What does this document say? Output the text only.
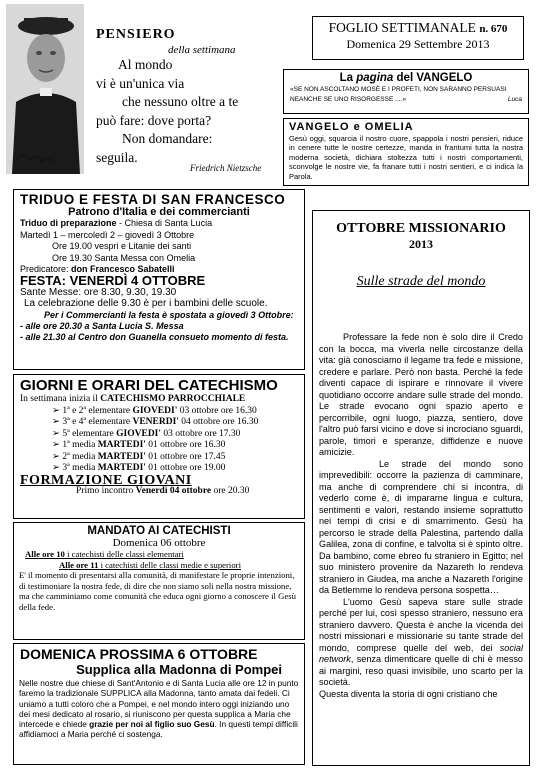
PENSIERO
della settimana
Al mondo
vi è un'unica via
che nessuno oltre a te
può fare: dove porta?
Non domandare:
seguila.
Friedrich Nietzsche
FOGLIO SETTIMANALE n. 670
Domenica 29 Settembre 2013
La pagina del VANGELO
«SE NON ASCOLTANO MOSÈ E I PROFETI, NON SARANNO PERSUASI NEANCHE SE UNO RISORGESSE ....»	Luca
VANGELO e OMELIA
Gesù oggi, squarcia il nostro cuore, spappola i nostri pensieri, riduce in cenere tutte le nostre certezze, manda in frantumi tutta la nostra moderna società, dichiara stoltezza tutti i nostri comportamenti, sconvolge le nostre vie, fa franare tutti i nostri sentieri, e ci indica la Parola.
TRIDUO E FESTA DI SAN FRANCESCO
Patrono d'Italia e dei commercianti
Triduo di preparazione - Chiesa di Santa Lucia
Martedì 1 – mercoledì 2 – giovedì 3 Ottobre
Ore 19.00 vespri e Litanie dei santi
Ore 19.30 Santa Messa con Omelia
Predicatore: don Francesco Sabatelli
FESTA: VENERDÌ 4 OTTOBRE
Sante Messe: ore 8.30, 9.30, 19.30
La celebrazione delle 9.30 è per i bambini delle scuole.
Per i Commercianti la festa è spostata a giovedì 3 Ottobre:
- alle ore 20.30 a Santa Lucia S. Messa
- alle 21.30 al Centro don Guanella consueto momento di festa.
GIORNI E ORARI DEL CATECHISMO
In settimana inizia il CATECHISMO PARROCCHIALE
➢ 1ª e 2ª elementare GIOVEDI' 03 ottobre ore 16.30
➢ 3ª e 4ª elementare VENERDI' 04 ottobre ore 16.30
➢ 5ª elementare GIOVEDI' 03 ottobre ore 17.30
➢ 1ª media MARTEDI' 01 ottobre ore 16.30
➢ 2ª media MARTEDI' 01 ottobre ore 17.45
➢ 3ª media MARTEDI' 01 ottobre ore 19.00
FORMAZIONE GIOVANI
Primo incontro Venerdì 04 ottobre ore 20.30
MANDATO AI CATECHISTI
Domenica 06 ottobre
Alle ore 10 i catechisti delle classi elementari
Alle ore 11 i catechisti delle classi medie e superiori
E' il momento di presentarsi alla comunità, di manifestare le proprie intenzioni, di testimoniare la nostra fede, di dire che non siamo soli nella nostra missione, ma che camminiamo come comunità che educa ogni giorno a conoscere il Gesù della fede.
DOMENICA PROSSIMA 6 OTTOBRE
Supplica alla Madonna di Pompei
Nelle nostre due chiese di Sant'Antonio e di Santa Lucia alle ore 12 in punto faremo la tradizionale SUPPLICA alla Madonna, tanto amata dai fedeli. Ci uniamo a tutti coloro che a Pompei, e nel mondo intero oggi iniziando uno dei mesi dedicato al rosario, si riuniscono per questa supplica a Maria che intercede e chiede grazie per noi al figlio suo Gesù. In questi tempi difficili affidiamoci a Maria perché ci sostenga.
OTTOBRE MISSIONARIO
2013
Sulle strade del mondo

Professare la fede non è solo dire il Credo con la bocca, ma viverla nelle circostanze della vita: già conosciamo il legame tra fede e missione, credere e parlare. Però non basta. Perché la fede diventi capace di ispirare e rinnovare il vivere quotidiano occorre andare sulle strade del mondo. Le strade evocano ogni spazio aperto e percorribile, ogni luogo, piazza, sentiero, dove l'altro può farsi vicino e dove si incrociano sguardi, parole, timori e speranze, diffidenze e nuove amicizie.

Le strade del mondo sono imprevedibili: occorre la pazienza di camminare, ma anche di comprendere chi si incontra, di vederlo come è, di impararne lingua e cultura, sentimenti e valori, restando insieme soprattutto nei tempi di crisi e di smarrimento. Gesù ha percorso le strade della Palestina, partendo dalla Galilea, zona di confine, e talvolta si è spinto oltre. Da bambino, come ebreo fu straniero in Egitto; nel suo ministero provenire da Nazareth lo rendeva straniero in Giudea, ma anche a Nazareth l'origine da Betlemme lo rendeva persona sospetta…

L'uomo Gesù sapeva stare sulle strade perché per lui, così spesso straniero, nessuno era straniero davvero. Questa è anche la vicenda dei nostri missionari e missionarie su tante strade del mondo, comprese quelle del web, dei social network, senza dimenticare quelle di chi è messo ai margini, reso quasi invisibile, uno scarto per la società.

Questa diventa la storia di ogni cristiano che
